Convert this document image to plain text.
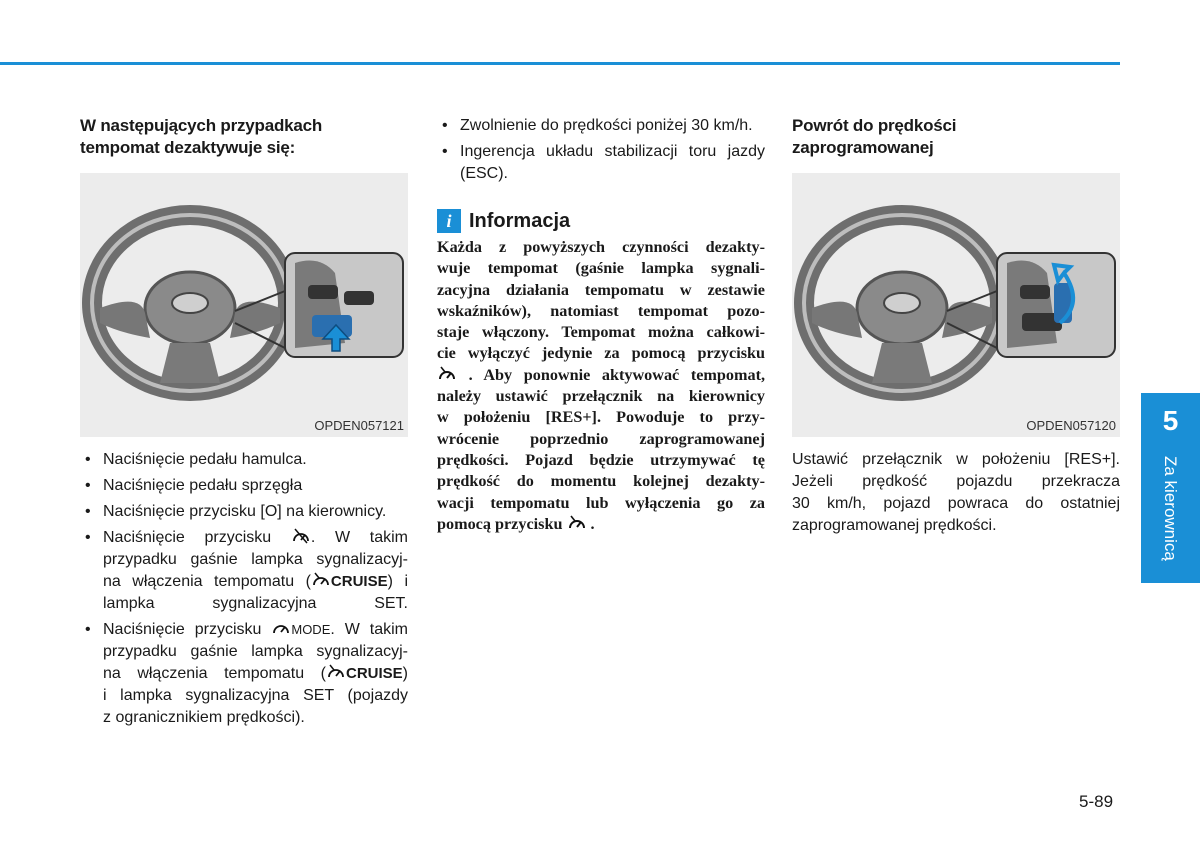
W następujących przypadkach
tempomat dezaktywuje się:
OPDEN057121
• Naciśnięcie pedału hamulca.
• Naciśnięcie pedału sprzęgła
• Naciśnięcie przycisku [O] na kierownicy.
• Naciśnięcie przycisku . W takim
przypadku gaśnie lampka sygnalizacyj-
na włączenia tempomatu ( CRUISE) i lampka sygnalizacyjna SET.
• Naciśnięcie przycisku MODE. W takim
przypadku gaśnie lampka sygnalizacyj-
na włączenia tempomatu ( CRUISE)
i lampka sygnalizacyjna SET (pojazdy
z ogranicznikiem prędkości).
• Zwolnienie do prędkości poniżej 30 km/h.
• Ingerencja układu stabilizacji toru jazdy
(ESC).
i Informacja
Każda z powyższych czynności dezakty-
wuje tempomat (gaśnie lampka sygnali-
zacyjna działania tempomatu w zestawie
wskaźników), natomiast tempomat pozo-
staje włączony. Tempomat można całkowi-
cie wyłączyć jedynie za pomocą przycisku
. Aby ponownie aktywować tempomat,
należy ustawić przełącznik na kierownicy
w położeniu [RES+]. Powoduje to przy-
wrócenie poprzednio zaprogramowanej
prędkości. Pojazd będzie utrzymywać tę
prędkość do momentu kolejnej dezakty-
wacji tempomatu lub wyłączenia go za
pomocą przycisku .
Powrót do prędkości
zaprogramowanej
OPDEN057120
Ustawić przełącznik w położeniu [RES+].
Jeżeli prędkość pojazdu przekracza
30 km/h, pojazd powraca do ostatniej
zaprogramowanej prędkości.
5
Za kierownicą
5-89
